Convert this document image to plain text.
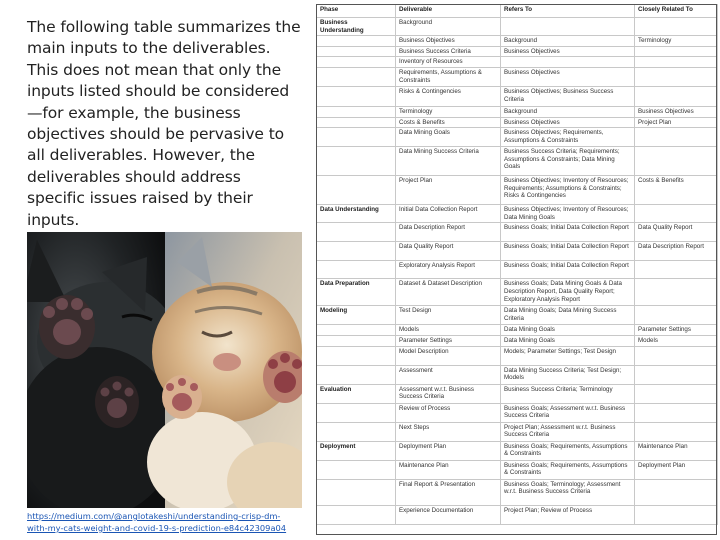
The following table summarizes the main inputs to the deliverables. This does not mean that only the inputs listed should be considered—for example, the business objectives should be pervasive to all deliverables. However, the deliverables should address specific issues raised by their inputs.
https://medium.com/@anglotakeshi/understanding-crisp-dm-
with-my-cats-weight-and-covid-19-s-prediction-e84c42309a04
Phase	Deliverable	Refers To	Closely Related To
Business Understanding	Background		
	Business Objectives	Background	Terminology
	Business Success Criteria	Business Objectives	
	Inventory of Resources		
	Requirements, Assumptions & Constraints	Business Objectives	
	Risks & Contingencies	Business Objectives; Business Success Criteria	
	Terminology	Background	Business Objectives
	Costs & Benefits	Business Objectives	Project Plan
	Data Mining Goals	Business Objectives; Requirements, Assumptions & Constraints	
	Data Mining Success Criteria	Business Success Criteria; Requirements; Assumptions & Constraints; Data Mining Goals	
	Project Plan	Business Objectives; Inventory of Resources; Requirements; Assumptions & Constraints; Risks & Contingencies	Costs & Benefits
Data Understanding	Initial Data Collection Report	Business Objectives; Inventory of Resources; Data Mining Goals	
	Data Description Report	Business Goals; Initial Data Collection Report	Data Quality Report
	Data Quality Report	Business Goals; Initial Data Collection Report	Data Description Report
	Exploratory Analysis Report	Business Goals; Initial Data Collection Report	
Data Preparation	Dataset & Dataset Description	Business Goals; Data Mining Goals & Data Description Report, Data Quality Report; Exploratory Analysis Report	
Modeling	Test Design	Data Mining Goals; Data Mining Success Criteria	
	Models	Data Mining Goals	Parameter Settings
	Parameter Settings	Data Mining Goals	Models
	Model Description	Models; Parameter Settings; Test Design	
	Assessment	Data Mining Success Criteria; Test Design; Models	
Evaluation	Assessment w.r.t. Business Success Criteria	Business Success Criteria; Terminology	
	Review of Process	Business Goals; Assessment w.r.t. Business Success Criteria	
	Next Steps	Project Plan; Assessment w.r.t. Business Success Criteria	
Deployment	Deployment Plan	Business Goals; Requirements, Assumptions & Constraints	Maintenance Plan
	Maintenance Plan	Business Goals; Requirements, Assumptions & Constraints	Deployment Plan
	Final Report & Presentation	Business Goals; Terminology; Assessment w.r.t. Business Success Criteria	
	Experience Documentation	Project Plan; Review of Process	
